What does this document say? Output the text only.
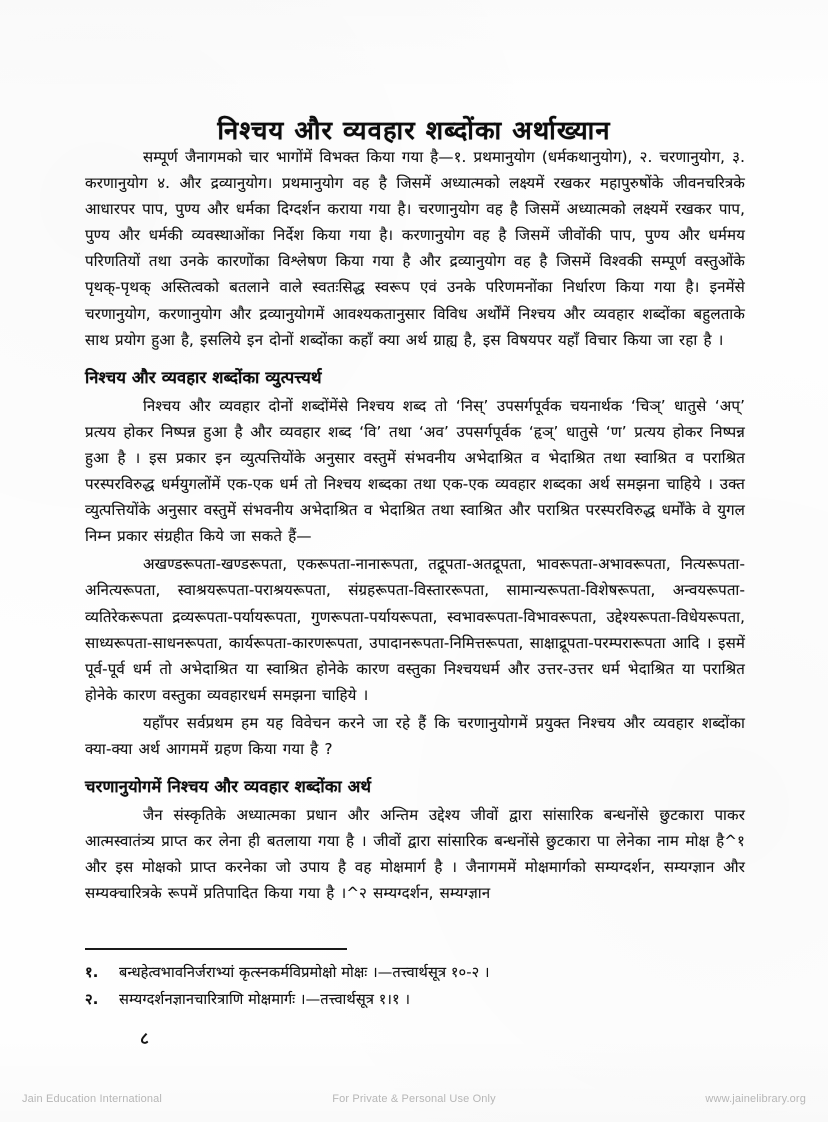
निश्चय और व्यवहार शब्दोंका अर्थाख्यान

सम्पूर्ण जैनागमको चार भागोंमें विभक्त किया गया है—१. प्रथमानुयोग (धर्मकथानुयोग), २. चरणानुयोग, ३. करणानुयोग ४. और द्रव्यानुयोग। प्रथमानुयोग वह है जिसमें अध्यात्मको लक्ष्यमें रखकर महापुरुषोंके जीवनचरित्रके आधारपर पाप, पुण्य और धर्मका दिग्दर्शन कराया गया है। चरणानुयोग वह है जिसमें अध्यात्मको लक्ष्यमें रखकर पाप, पुण्य और धर्मकी व्यवस्थाओंका निर्देश किया गया है। करणानुयोग वह है जिसमें जीवोंकी पाप, पुण्य और धर्ममय परिणतियों तथा उनके कारणोंका विश्लेषण किया गया है और द्रव्यानुयोग वह है जिसमें विश्वकी सम्पूर्ण वस्तुओंके पृथक्-पृथक् अस्तित्वको बतलाने वाले स्वतःसिद्ध स्वरूप एवं उनके परिणमनोंका निर्धारण किया गया है। इनमेंसे चरणानुयोग, करणानुयोग और द्रव्यानुयोगमें आवश्यकतानुसार विविध अर्थोंमें निश्चय और व्यवहार शब्दोंका बहुलताके साथ प्रयोग हुआ है, इसलिये इन दोनों शब्दोंका कहाँ क्या अर्थ ग्राह्य है, इस विषयपर यहाँ विचार किया जा रहा है ।

निश्चय और व्यवहार शब्दोंका व्युत्पत्त्यर्थ

निश्चय और व्यवहार दोनों शब्दोंमेंसे निश्चय शब्द तो ‘निस्’ उपसर्गपूर्वक चयनार्थक ‘चिञ्’ धातुसे ‘अप्’ प्रत्यय होकर निष्पन्न हुआ है और व्यवहार शब्द ‘वि’ तथा ‘अव’ उपसर्गपूर्वक ‘हृञ्’ धातुसे ‘ण’ प्रत्यय होकर निष्पन्न हुआ है । इस प्रकार इन व्युत्पत्तियोंके अनुसार वस्तुमें संभवनीय अभेदाश्रित व भेदाश्रित तथा स्वाश्रित व पराश्रित परस्परविरुद्ध धर्मयुगलोंमें एक-एक धर्म तो निश्चय शब्दका तथा एक-एक व्यवहार शब्दका अर्थ समझना चाहिये । उक्त व्युत्पत्तियोंके अनुसार वस्तुमें संभवनीय अभेदाश्रित व भेदाश्रित तथा स्वाश्रित और पराश्रित परस्परविरुद्ध धर्मोंके वे युगल निम्न प्रकार संग्रहीत किये जा सकते हैं—

अखण्डरूपता-खण्डरूपता, एकरूपता-नानारूपता, तद्रूपता-अतद्रूपता, भावरूपता-अभावरूपता, नित्यरूपता-अनित्यरूपता, स्वाश्रयरूपता-पराश्रयरूपता, संग्रहरूपता-विस्ताररूपता, सामान्यरूपता-विशेषरूपता, अन्वयरूपता-व्यतिरेकरूपता द्रव्यरूपता-पर्यायरूपता, गुणरूपता-पर्यायरूपता, स्वभावरूपता-विभावरूपता, उद्देश्यरूपता-विधेयरूपता, साध्यरूपता-साधनरूपता, कार्यरूपता-कारणरूपता, उपादानरूपता-निमित्तरूपता, साक्षाद्रूपता-परम्परारूपता आदि । इसमें पूर्व-पूर्व धर्म तो अभेदाश्रित या स्वाश्रित होनेके कारण वस्तुका निश्चयधर्म और उत्तर-उत्तर धर्म भेदाश्रित या पराश्रित होनेके कारण वस्तुका व्यवहारधर्म समझना चाहिये ।

यहाँपर सर्वप्रथम हम यह विवेचन करने जा रहे हैं कि चरणानुयोगमें प्रयुक्त निश्चय और व्यवहार शब्दोंका क्या-क्या अर्थ आगममें ग्रहण किया गया है ?

चरणानुयोगमें निश्चय और व्यवहार शब्दोंका अर्थ

जैन संस्कृतिके अध्यात्मका प्रधान और अन्तिम उद्देश्य जीवों द्वारा सांसारिक बन्धनोंसे छुटकारा पाकर आत्मस्वातंत्र्य प्राप्त कर लेना ही बतलाया गया है । जीवों द्वारा सांसारिक बन्धनोंसे छुटकारा पा लेनेका नाम मोक्ष है^१ और इस मोक्षको प्राप्त करनेका जो उपाय है वह मोक्षमार्ग है । जैनागममें मोक्षमार्गको सम्यग्दर्शन, सम्यग्ज्ञान और सम्यक्चारित्रके रूपमें प्रतिपादित किया गया है ।^२ सम्यग्दर्शन, सम्यग्ज्ञान

१.	बन्धहेत्वभावनिर्जराभ्यां कृत्स्नकर्मविप्रमोक्षो मोक्षः ।—तत्त्वार्थसूत्र १०-२ ।
२.	सम्यग्दर्शनज्ञानचारित्राणि मोक्षमार्गः ।—तत्त्वार्थसूत्र १।१ ।
८
Jain Education International	For Private & Personal Use Only	www.jainelibrary.org
